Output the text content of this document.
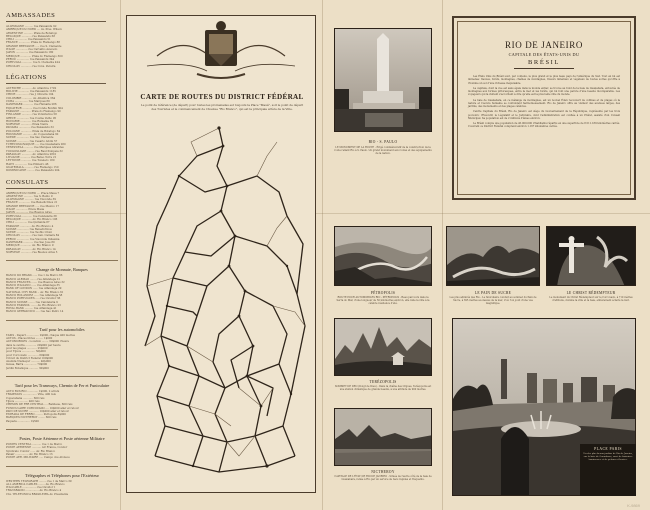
AMBASSADES
ALLEMAGNE .......... rue Paissandu 92
AMERIQUE DU NORD .... Av. Pres. Wilson
ARGENTINE ........... Praia de Botafogo
BELGIQUE ............ rue Paissandu 68
CHILI ............... rue Paissandu 51
FRANCE .............. Praia do Flamengo 88
GRANDE BRETAGNE ..... rue S. Clemente
ITALIE .............. rue Carvalho Azevedo
JAPON ............... rue Paissandu 180
MEXIQUE ............. Praia do Flamengo 300
PEROU ............... rue Paissandu 344
PORTUGAL ............ rue S. Clemente 424
URUGUAY ............. rue Cons. Pereira
LÉGATIONS
AUTRICHE ............ Av. Atlantica 1792
BOLIVIE ............. rue Paissandu 1185
CHINE ............... rue J. Oliveira 104
COLOMBIE ............ Av. Atlantica 364
CUBA ................ rue Marques 60
DANEMARK ............ rue Humaita 286
EQUATEUR ............ rue Conde Bonfim 304
ESPAGNE ............. Praia do Flamengo 90
FINLANDE ............ rue Voluntarios 58
GRECE ............... rue Cosme Velho 95
HONGRIE ............. rue Rumania 39
NORVEGE ............. Praia Vieira
PANAMA .............. rue Paissandu 32
POLOGNE ............. Praia de Botafogo 64
ROUMANIE ............ Av. Copacabana 92
SUEDE ............... rue Sao Clemente
SUISSE .............. rue Cesario Alvim 57
TCHECOSLOVAQUIE ..... rue Guanabara 260
VENEZUELA ........... rue Marques Abrantes
YOUGOSLAVIE ......... rue Raul Pompeia 32
PARAGUAY ............ Av. Atlantica 2810
LITUANIE ............ rue Barao Torre 21
LETTONIE ............ rue Tonelero 180
HAITI ............... rue Pinheiro 46
GUATEMALA ........... rue Flamengo 150
DOMINICAINE ......... rue Paissandu 204
CONSULATS
AMERIQUE DU NORD .... Praca Maua 7
ARGENTINE ........... rue S. Bento 9
ALLEMAGNE ........... rue Visconde 39
FRANCE .............. rue Benedictinos 21
GRANDE BRETAGNE ..... rue Mexico 17
ITALIE .............. Praca Maua
JAPON ............... rue Buenos Aires
PORTUGAL ............ rue Candelaria 38
BELGIQUE ............ Av. Rio Branco 106
CHILI ............... rue Quitanda 87
ESPAGNE ............. Av. Rio Branco 4
SUISSE .............. rue Benedictinos
SUEDE ............... rue Teofilo Otoni
URUGUAY ............. rue Gen. Camara 84
PEROU ............... rue Visconde Inhauma
DANEMARK ............ rue Sao Jose 80
MEXIQUE ............. Av. Rio Branco 9
PARAGUAY ............ Av. Rio Branco 14
NORVEGE ............. rue Buenos Aires 5
Change de Monnaie, Banques
BANCO DO BRASIL ..... rue 1 de Marco 66
BANCO ALEMAO ........ rue Alfandega 21
BANCO FRANCES ....... rue Buenos Aires 32
BANCO ITALIANO ...... rue Alfandega 35
BANK OF LONDON ...... rue Alfandega 29
NATIONAL CITY BANK .. Av. Rio Branco 61
BANCO HOLANDEZ ...... rue Alfandega 58
BANCO PORTUGUES ..... rue Ouvidor 36
BANCO SUISSE ........ rue Candelaria 9
BANCO ESPAÑOL ....... Av. Rio Branco 23
ROYAL BANK .......... rue Alfandega 41
BANCO GERMANICO ..... rue Sao Pedro 14
Tarif pour les automobiles
TAXIS - Depart ............... 2$000, chaque 400 metres
AUTOS - Places libres ......... 1$000
AUTOMOBILES - Location ........ 30$000 l'heure
dans le centre ............. 20$000 par heure
pour les plages ............ 25$000
pour Tijuca ................ 50$000
pour Corcovado ............. 60$000
Circuit du District Federal 100$000
Avenida Niemeyer ........... 40$000
Gavea, Barra ............... 70$000
Jardin Botanique ........... 30$000
Tarif pour les Tramways, Chemin de Fer et Funiculaire
AUTO BUS RIO ............. 1$000, 2 arrets
TRAMWAYS ................. Ville, 400 reis
Copacabana ............ 600 reis
Tijuca ................ 400 reis
CHEMIN DE FER CENTRAL .... Banlieue, 600 reis
FUNICULAIRE CORCOVADO .... 10$000 aller et retour
PAIN DE SUCRE ............ 10$000 aller et retour
ESTRADA DE FERRO ......... Petropolis 8$000
BARQUES NICTHEROY ........ 600 reis
Paqueta ............... 1$500
Postes, Poste Aérienne et Poste aérienne Militaire
POSTES CENTRAL ........... rue 1 de Marco
POSTE AERIENNE ........... Air France, Condor
Syndicato Condor ...... Av. Rio Branco
Panair ................ Av. Rio Branco 13
POSTE AER. MILITAIRE ..... Campo dos Afonsos
Télégraphes et Téléphones pour l'Extérieur
WESTERN TELEGRAPH ......... rue 1 de Marco 39
ALL AMERICA CABLES ........ Av. Rio Branco
ITALCABLE ................. rue Ouvidor 1
TRANSRADIO ................ Av. Rio Branco 4
CIA. TELEFONICA BRASILEIRA Av. Presidente
CARTE DE ROUTES DU DISTRICT FÉDÉRAL
Le point de référence (de départ) pour toutes les promenades est toujours la Place "Mauá", soit le point de départ des Touristes et le commencement de l'Avenue "Rio Branco", qui est la principale artère de la Ville.
BIO - S. PAULO
LE MONUMENT DE LA ROUTE - Érigé commémoratif de la construction de la route reliant Rio à S. Paulo. Un grand monument aux routes et des équipements de la nation.
PÉTROPOLIS
ROUTE POUR AUTOMOBILES RIO - PÉTROPOLIS - Beau parcours dans la Serra do Mar, d'une longueur de 50 kilomètres environ, elle relie la ville à la célèbre résidence d'été.
TERÉZOPOLIS
SOMMET DE DEO (Doigt de Dieu) - Dans la chaîne des Orgues, Terézopolis est une station climatique de grande beauté, à une altitude de 900 mètres.
NICTHEROY
CAPITALE DE L'ÉTAT DE RIO DE JANEIRO - Située de l'autre côté de la baie de Guanabara, reliée à Rio par un service de bacs rapides et fréquents.
LE PAIN DE SUCRE
Les plus admirés des Rio - Le funiculaire conduit au sommet du Pain de Sucre, à 395 mètres au-dessus de la mer, d'où l'on jouit d'une vue magnifique.
LE CHRIST RÉDEMPTEUR
Le monument du Christ Rédempteur sur le Corcovado, à 710 mètres d'altitude, domine la ville et la baie, entièrement éclairé la nuit.
RIO DE JANEIRO
CAPITALE DES ÉTATS-UNIS DU
BRÉSIL

Les États Unis du Brésil sont, par contenu, le plus grand et le plus beau pays de l'Amérique du Sud. Tout en lui est immense: fleuves, forêts, montagnes, chaînes de montagnes, trésors minéraux et végétaux de toutes sortes qu'offre à l'homme un sol d'une richesse inépuisable.

La capitale, dont la vue est sans égale dans le monde entier, se trouve au fond de la baie de Guanabara, entourée de montagnes aux formes pittoresques, entre la mer et les forêts, qui lui font une parure d'une beauté incomparable. Les voyageurs qui la visitent s'accordent à dire qu'elle est la plus belle ville du monde.

La baie de Guanabara, en ce mélange de montagnes, est un nouvel Éden recouvert de collines et de plages où la nature et l'œuvre humaine se confondent harmonieusement. Rio de Janeiro offre au visiteur des avenues larges, des jardins, des monuments et des plages célèbres.

Centre Capitale du Brésil, Rio de Janeiro est siège du Gouvernement de la République, représenté par les trois pouvoirs: l'Exécutif, le Législatif et le Judiciaire, dont l'administration est confiée à un Préfet, assisté d'un Conseil Municipal. Sa population est de 2 millions d'âmes environ.

Le Brésil compte une population de 45.000.000 d'habitants répartis en une superficie de 8.511.189 kilomètres carrés. Couvrant ce District Fédéral comprend environ 1.167 kilomètres carrés.

PLACE PARIS
Un des plus beaux jardins de Rio de Janeiro, sur la baie de Guanabara, orné de fontaines lumineuses et de pelouses fleuries.
K-9869
